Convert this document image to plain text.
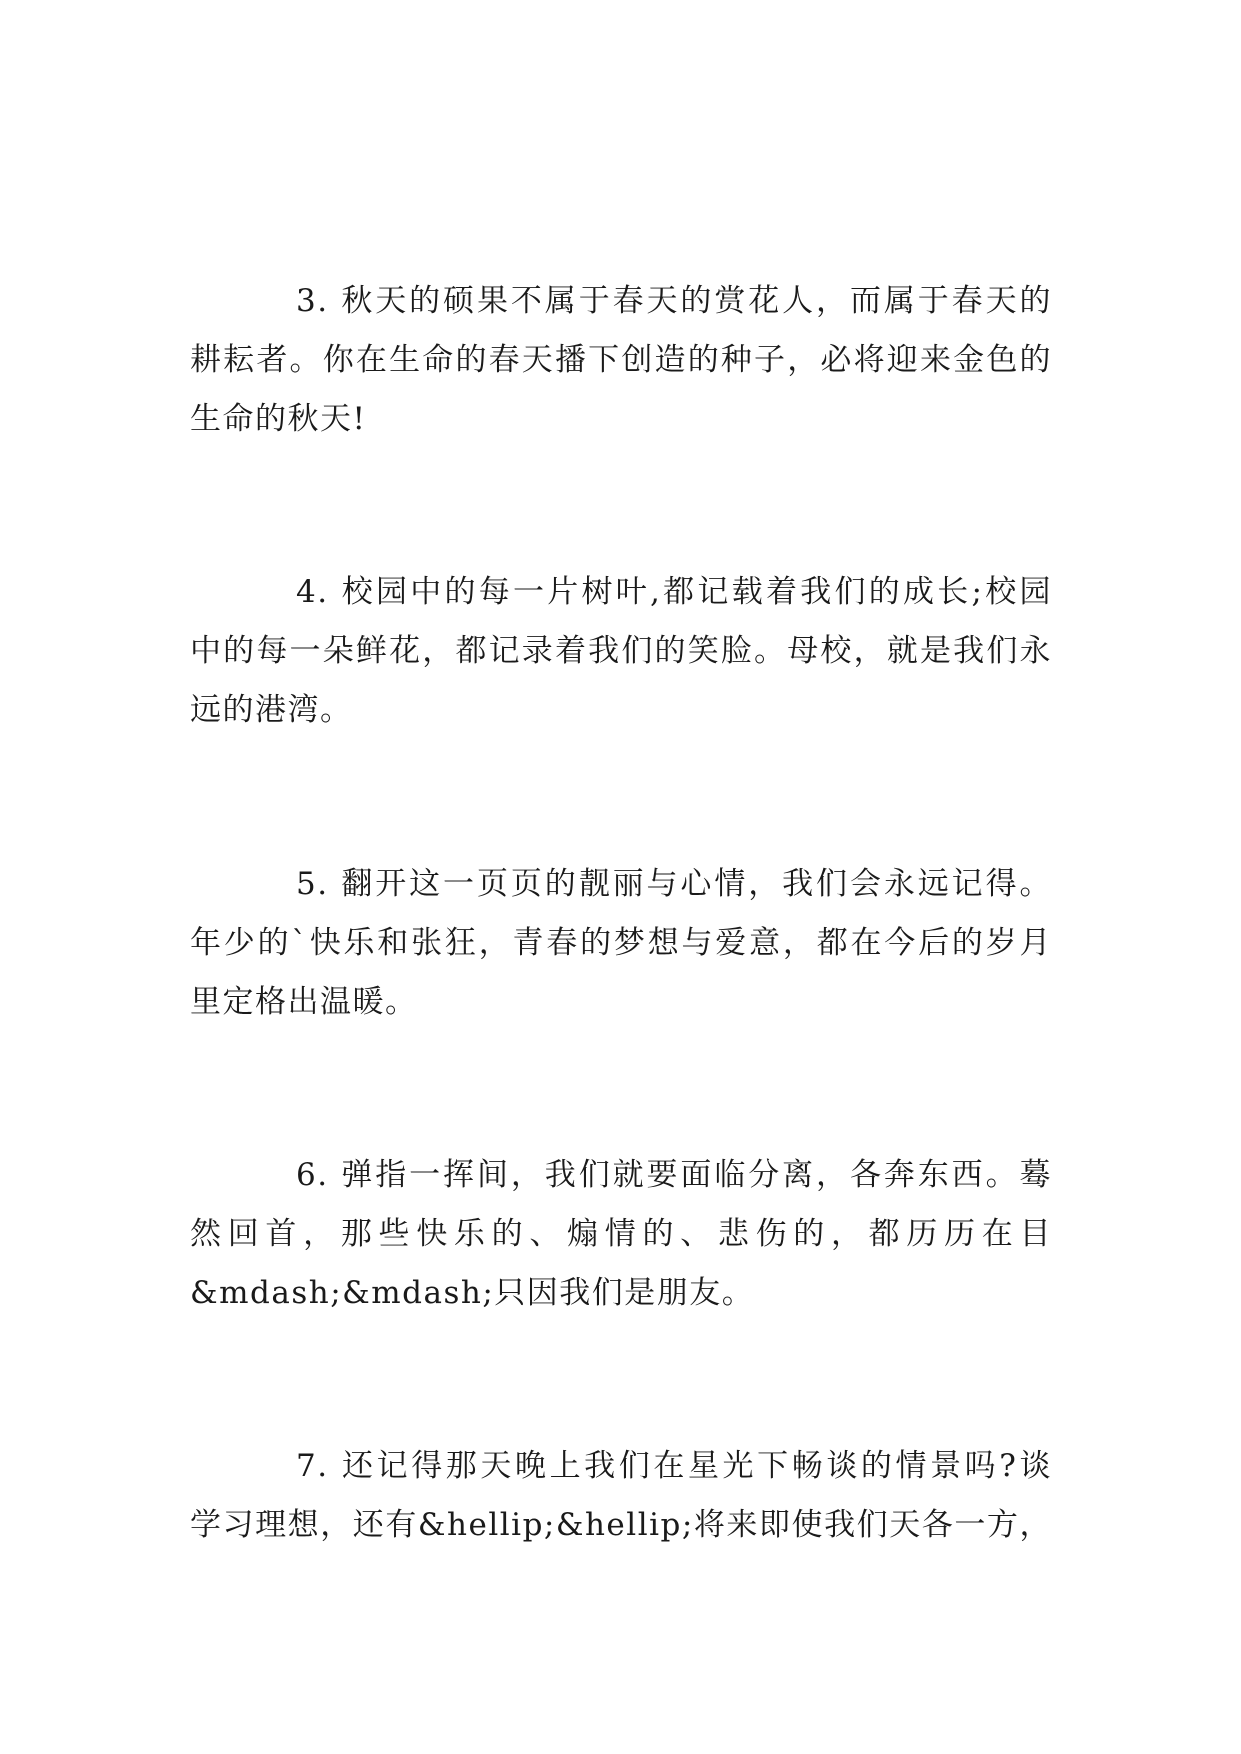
3. 秋天的硕果不属于春天的赏花人，而属于春天的
耕耘者。你在生命的春天播下创造的种子，必将迎来金色的
生命的秋天!

4. 校园中的每一片树叶,都记载着我们的成长;校园
中的每一朵鲜花，都记录着我们的笑脸。母校，就是我们永
远的港湾。

5. 翻开这一页页的靓丽与心情，我们会永远记得。
年少的`快乐和张狂，青春的梦想与爱意，都在今后的岁月
里定格出温暖。

6. 弹指一挥间，我们就要面临分离，各奔东西。蓦
然回首，那些快乐的、煽情的、悲伤的，都历历在目
&mdash;&mdash;只因我们是朋友。

7. 还记得那天晚上我们在星光下畅谈的情景吗?谈
学习理想，还有&hellip;&hellip;将来即使我们天各一方，
